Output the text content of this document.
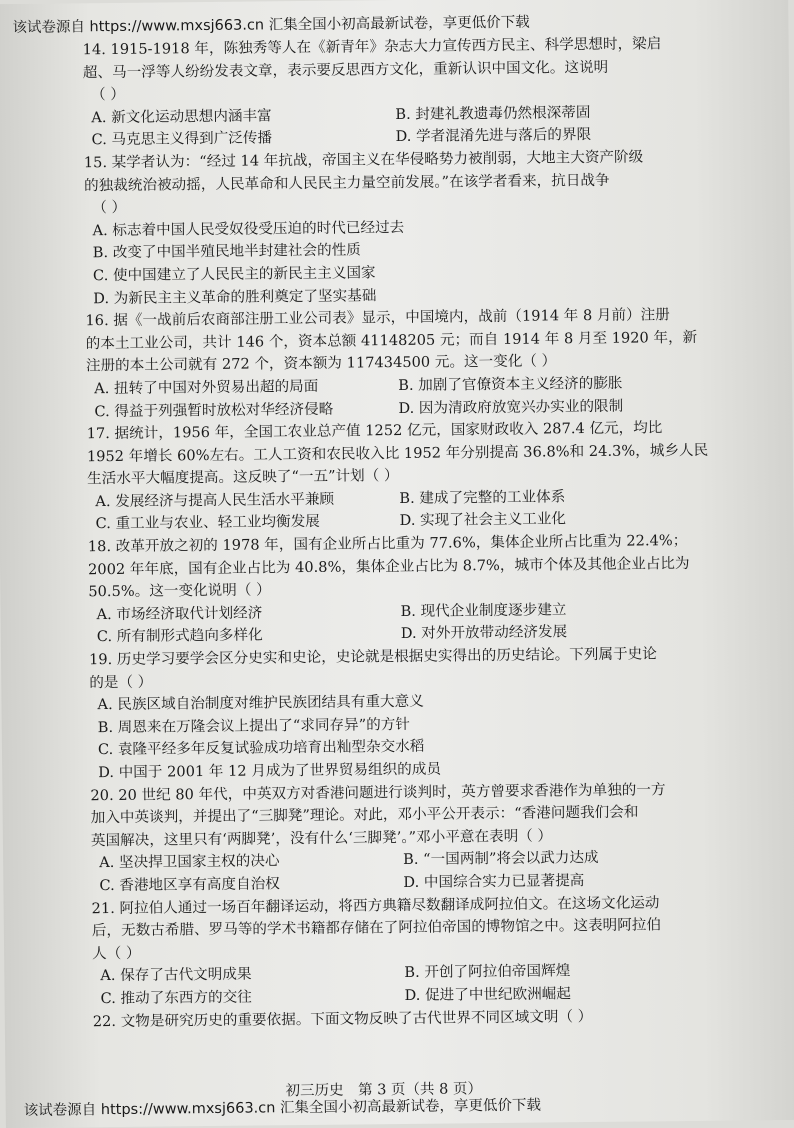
该试卷源自 https://www.mxsj663.cn 汇集全国小初高最新试卷，享更低价下载
14. 1915-1918 年，陈独秀等人在《新青年》杂志大力宣传西方民主、科学思想时，梁启
超、马一浮等人纷纷发表文章，表示要反思西方文化，重新认识中国文化。这说明
（ ）
A. 新文化运动思想内涵丰富	B. 封建礼教遗毒仍然根深蒂固
C. 马克思主义得到广泛传播	D. 学者混淆先进与落后的界限
15. 某学者认为：“经过 14 年抗战，帝国主义在华侵略势力被削弱，大地主大资产阶级
的独裁统治被动摇，人民革命和人民民主力量空前发展。”在该学者看来，抗日战争
（ ）
A. 标志着中国人民受奴役受压迫的时代已经过去
B. 改变了中国半殖民地半封建社会的性质
C. 使中国建立了人民民主的新民主主义国家
D. 为新民主主义革命的胜利奠定了坚实基础
16. 据《一战前后农商部注册工业公司表》显示，中国境内，战前（1914 年 8 月前）注册
的本土工业公司，共计 146 个，资本总额 41148205 元；而自 1914 年 8 月至 1920 年，新
注册的本土公司就有 272 个，资本额为 117434500 元。这一变化（ ）
A. 扭转了中国对外贸易出超的局面	B. 加剧了官僚资本主义经济的膨胀
C. 得益于列强暂时放松对华经济侵略	D. 因为清政府放宽兴办实业的限制
17. 据统计，1956 年，全国工农业总产值 1252 亿元，国家财政收入 287.4 亿元，均比
1952 年增长 60%左右。工人工资和农民收入比 1952 年分别提高 36.8%和 24.3%，城乡人民
生活水平大幅度提高。这反映了“一五”计划（ ）
A. 发展经济与提高人民生活水平兼顾	B. 建成了完整的工业体系
C. 重工业与农业、轻工业均衡发展	D. 实现了社会主义工业化
18. 改革开放之初的 1978 年，国有企业所占比重为 77.6%，集体企业所占比重为 22.4%；
2002 年年底，国有企业占比为 40.8%，集体企业占比为 8.7%，城市个体及其他企业占比为
50.5%。这一变化说明（ ）
A. 市场经济取代计划经济	B. 现代企业制度逐步建立
C. 所有制形式趋向多样化	D. 对外开放带动经济发展
19. 历史学习要学会区分史实和史论，史论就是根据史实得出的历史结论。下列属于史论
的是（ ）
A. 民族区域自治制度对维护民族团结具有重大意义
B. 周恩来在万隆会议上提出了“求同存异”的方针
C. 袁隆平经多年反复试验成功培育出籼型杂交水稻
D. 中国于 2001 年 12 月成为了世界贸易组织的成员
20. 20 世纪 80 年代，中英双方对香港问题进行谈判时，英方曾要求香港作为单独的一方
加入中英谈判，并提出了“三脚凳”理论。对此，邓小平公开表示：“香港问题我们会和
英国解决，这里只有‘两脚凳’，没有什么‘三脚凳’。”邓小平意在表明（ ）
A. 坚决捍卫国家主权的决心	B. “一国两制”将会以武力达成
C. 香港地区享有高度自治权	D. 中国综合实力已显著提高
21. 阿拉伯人通过一场百年翻译运动，将西方典籍尽数翻译成阿拉伯文。在这场文化运动
后，无数古希腊、罗马等的学术书籍都存储在了阿拉伯帝国的博物馆之中。这表明阿拉伯
人（ ）
A. 保存了古代文明成果	B. 开创了阿拉伯帝国辉煌
C. 推动了东西方的交往	D. 促进了中世纪欧洲崛起
22. 文物是研究历史的重要依据。下面文物反映了古代世界不同区域文明（ ）
初三历史　第 3 页（共 8 页）
该试卷源自 https://www.mxsj663.cn 汇集全国小初高最新试卷，享更低价下载
